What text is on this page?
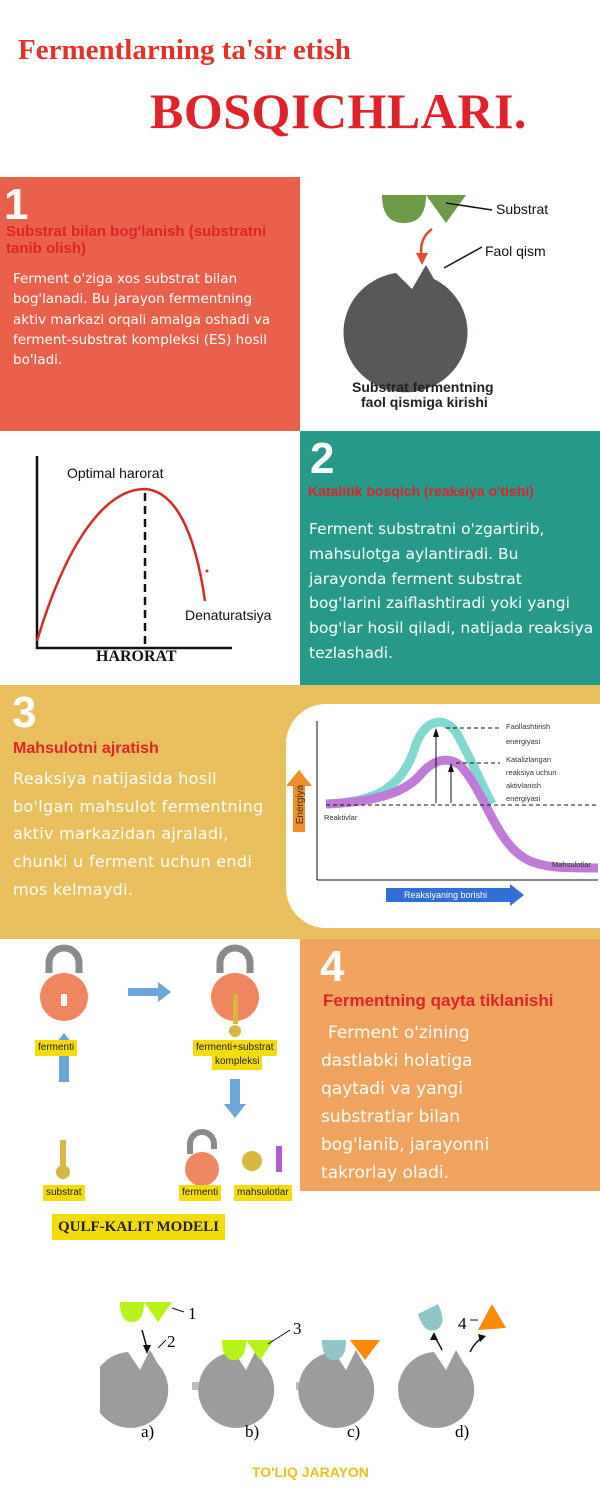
Fermentlarning ta'sir etish
BOSQICHLARI.
1
Substrat bilan bog'lanish (substratni tanib olish)
Ferment o'ziga xos substrat bilan bog'lanadi. Bu jarayon fermentning aktiv markazi orqali amalga oshadi va ferment-substrat kompleksi (ES) hosil bo'ladi.
Substrat
Faol qism
Substrat fermentning
faol qismiga kirishi
Optimal harorat
Denaturatsiya
HARORAT
2
Katalitik bosqich (reaksiya o'tishi)
Ferment substratni o'zgartirib, mahsulotga aylantiradi. Bu jarayonda ferment substrat bog'larini zaiflashtiradi yoki yangi bog'lar hosil qiladi, natijada reaksiya tezlashadi.
3
Mahsulotni ajratish
Reaksiya natijasida hosil bo'lgan mahsulot fermentning aktiv markazidan ajraladi, chunki u ferment uchun endi mos kelmaydi.
Energiya Reaktivlar
Mahsulotlar
Faollashtirish
energiyasi
Katalizlangan
reaksiya uchun
aktivlanish
energiyasi
Reaksiyaning borishi
fermenti	fermenti+substrat
kompleksi
substrat	fermenti	mahsulotlar
QULF-KALIT MODELI
4
Fermentning qayta tiklanishi
Ferment o'zining dastlabki holatiga qaytadi va yangi substratlar bilan bog'lanib, jarayonni takrorlay oladi.
1
2
3	4
a)	b)	c)	d)
TO'LIQ JARAYON
